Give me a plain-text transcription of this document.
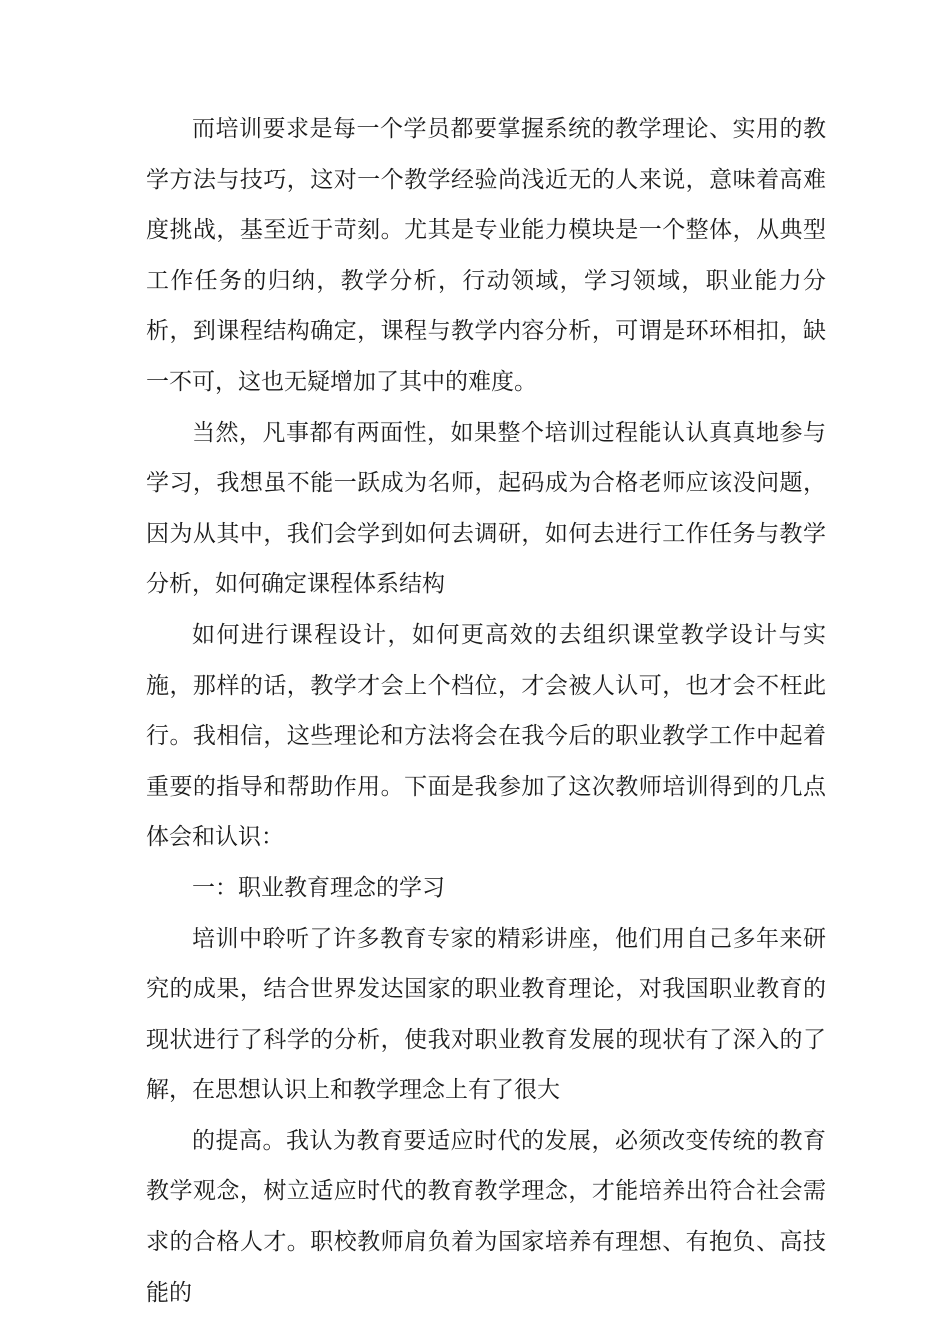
而培训要求是每一个学员都要掌握系统的教学理论、实用的教学方法与技巧，这对一个教学经验尚浅近无的人来说，意味着高难度挑战，基至近于苛刻。尤其是专业能力模块是一个整体，从典型工作任务的归纳，教学分析，行动领域，学习领域，职业能力分析，到课程结构确定，课程与教学内容分析，可谓是环环相扣，缺一不可，这也无疑增加了其中的难度。

当然，凡事都有两面性，如果整个培训过程能认认真真地参与学习，我想虽不能一跃成为名师，起码成为合格老师应该没问题，因为从其中，我们会学到如何去调研，如何去进行工作任务与教学分析，如何确定课程体系结构

如何进行课程设计，如何更高效的去组织课堂教学设计与实施，那样的话，教学才会上个档位，才会被人认可，也才会不枉此行。我相信，这些理论和方法将会在我今后的职业教学工作中起着重要的指导和帮助作用。下面是我参加了这次教师培训得到的几点体会和认识：

一：职业教育理念的学习

培训中聆听了许多教育专家的精彩讲座，他们用自己多年来研究的成果，结合世界发达国家的职业教育理论，对我国职业教育的现状进行了科学的分析，使我对职业教育发展的现状有了深入的了解，在思想认识上和教学理念上有了很大

的提高。我认为教育要适应时代的发展，必须改变传统的教育教学观念，树立适应时代的教育教学理念，才能培养出符合社会需求的合格人才。职校教师肩负着为国家培养有理想、有抱负、高技能的
